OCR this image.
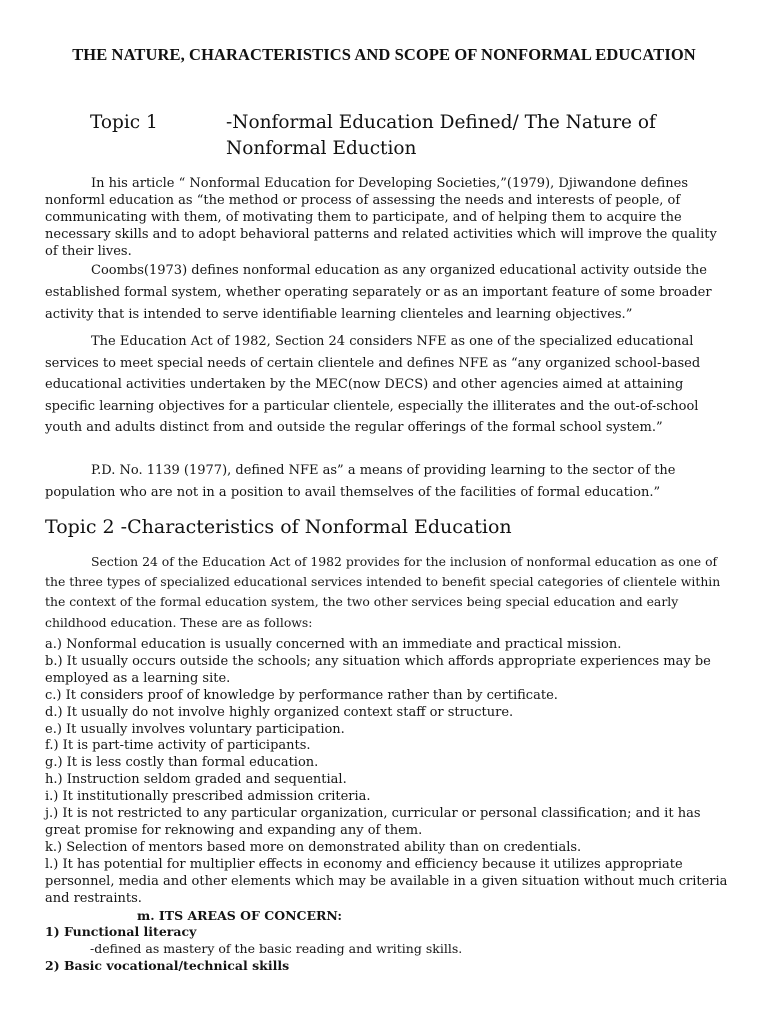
THE NATURE, CHARACTERISTICS AND SCOPE OF NONFORMAL EDUCATION
Topic 1	-Nonformal Education Defined/ The Nature of Nonformal Eduction
In his article “ Nonformal Education for Developing Societies,”(1979), Djiwandone defines nonforml education as “the method or process of assessing the needs and interests of people, of communicating with them, of motivating them to participate, and of helping them to acquire the necessary skills and to adopt behavioral patterns and related activities which will improve the quality of their lives.
Coombs(1973) defines nonformal education as any organized educational activity outside the established formal system, whether operating separately or as an important feature of some broader activity that is intended to serve identifiable learning clienteles and learning objectives.”
The Education Act of 1982, Section 24 considers NFE as one of the specialized educational services to meet special needs of certain clientele and defines NFE as “any organized school-based educational activities undertaken by the MEC(now DECS) and other agencies aimed at attaining specific learning objectives for a particular clientele, especially the illiterates and the out-of-school youth and adults distinct from and outside the regular offerings of the formal school system.”
P.D. No. 1139 (1977), defined NFE as” a means of providing learning to the sector of the population who are not in a position to avail themselves of the facilities of formal education.”
Topic 2 -Characteristics of Nonformal Education
Section 24 of the Education Act of 1982 provides for the inclusion of nonformal education as one of the three types of specialized educational services intended to benefit special categories of clientele within the context of the formal education system, the two other services being special education and early childhood education. These are as follows:
a.) Nonformal education is usually concerned with an immediate and practical mission.
b.) It usually occurs outside the schools; any situation which affords appropriate experiences may be employed as a learning site.
c.) It considers proof of knowledge by performance rather than by certificate.
d.) It usually do not involve highly organized context staff or structure.
e.) It usually involves voluntary participation.
f.) It is part-time activity of participants.
g.) It is less costly than formal education.
h.) Instruction seldom graded and sequential.
i.) It institutionally prescribed admission criteria.
j.) It is not restricted to any particular organization, curricular or personal classification; and it has great promise for reknowing and expanding any of them.
k.) Selection of mentors based more on demonstrated ability than on credentials.
l.) It has potential for multiplier effects in economy and efficiency because it utilizes appropriate personnel, media and other elements which may be available in a given situation without much criteria and restraints.
m. ITS AREAS OF CONCERN:
1) Functional literacy
-defined as mastery of the basic reading and writing skills.
2) Basic vocational/technical skills
